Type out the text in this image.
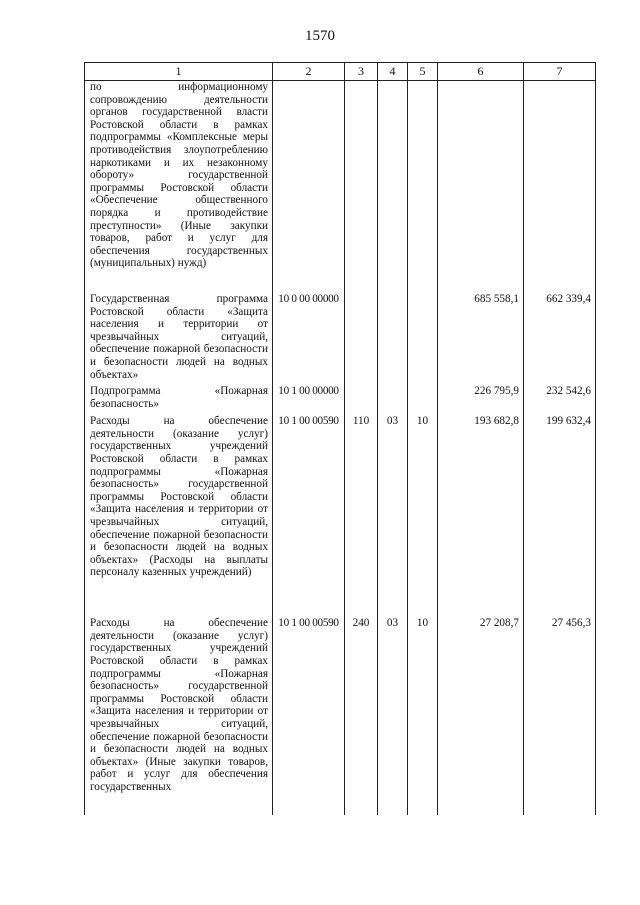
1570
1	2	3	4	5	6	7
по информационному сопровождению деятельности органов государственной власти Ростовской области в рамках подпрограммы «Комплексные меры противодействия злоупотреблению наркотиками и их незаконному обороту» государственной программы Ростовской области «Обеспечение общественного порядка и противодействие преступности» (Иные закупки товаров, работ и услуг для обеспечения государственных (муниципальных) нужд)						
Государственная программа Ростовской области «Защита населения и территории от чрезвычайных ситуаций, обеспечение пожарной безопасности и безопасности людей на водных объектах»	10 0 00 00000				685 558,1	662 339,4
Подпрограмма «Пожарная безопасность»	10 1 00 00000				226 795,9	232 542,6
Расходы на обеспечение деятельности (оказание услуг) государственных учреждений Ростовской области в рамках подпрограммы «Пожарная безопасность» государственной программы Ростовской области «Защита населения и территории от чрезвычайных ситуаций, обеспечение пожарной безопасности и безопасности людей на водных объектах» (Расходы на выплаты персоналу казенных учреждений)	10 1 00 00590	110	03	10	193 682,8	199 632,4
Расходы на обеспечение деятельности (оказание услуг) государственных учреждений Ростовской области в рамках подпрограммы «Пожарная безопасность» государственной программы Ростовской области «Защита населения и территории от чрезвычайных ситуаций, обеспечение пожарной безопасности и безопасности людей на водных объектах» (Иные закупки товаров, работ и услуг для обеспечения государственных	10 1 00 00590	240	03	10	27 208,7	27 456,3
